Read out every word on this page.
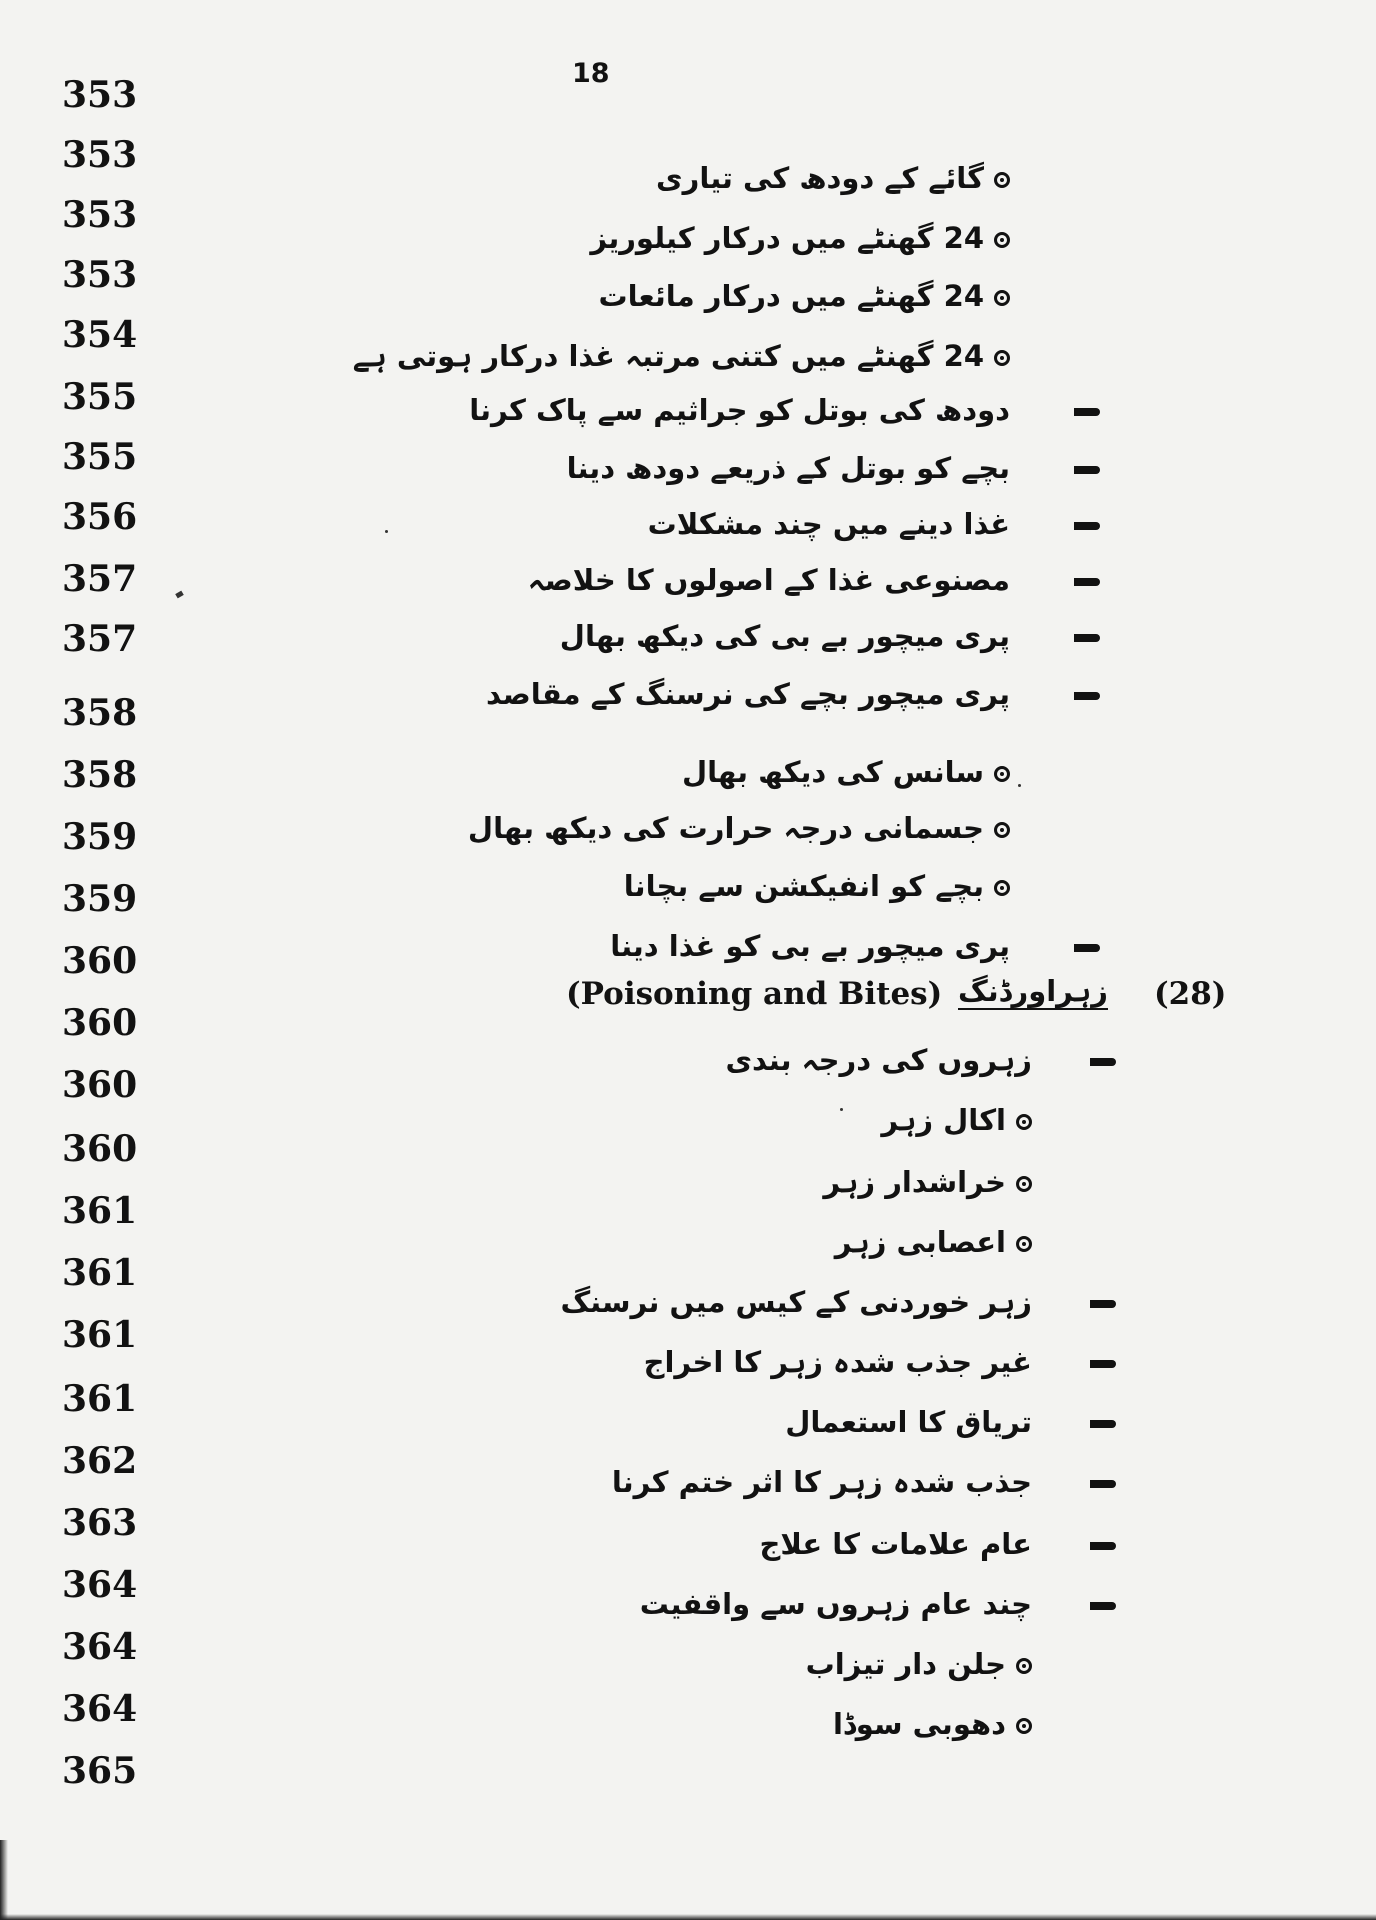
18
353
353
353
353
354
355
355
356
357
357
358
358
359
359
360
360
360
360
361
361
361
361
362
363
364
364
364
365
گائے کے دودھ کی تیاری
24 گھنٹے میں درکار کیلوریز
24 گھنٹے میں درکار مائعات
24 گھنٹے میں کتنی مرتبہ غذا درکار ہوتی ہے
دودھ کی بوتل کو جراثیم سے پاک کرنا
بچے کو بوتل کے ذریعے دودھ دینا
غذا دینے میں چند مشکلات
مصنوعی غذا کے اصولوں کا خلاصہ
پری میچور بے بی کی دیکھ بھال
پری میچور بچے کی نرسنگ کے مقاصد
سانس کی دیکھ بھال
جسمانی درجہ حرارت کی دیکھ بھال
بچے کو انفیکشن سے بچانا
پری میچور بے بی کو غذا دینا
زہروں کی درجہ بندی
اکال زہر
خراشدار زہر
اعصابی زہر
زہر خوردنی کے کیس میں نرسنگ
غیر جذب شدہ زہر کا اخراج
تریاق کا استعمال
جذب شدہ زہر کا اثر ختم کرنا
عام علامات کا علاج
چند عام زہروں سے واقفیت
جلن دار تیزاب
دھوبی سوڈا
(Poisoning and Bites) زہراورڈنگ (28)
